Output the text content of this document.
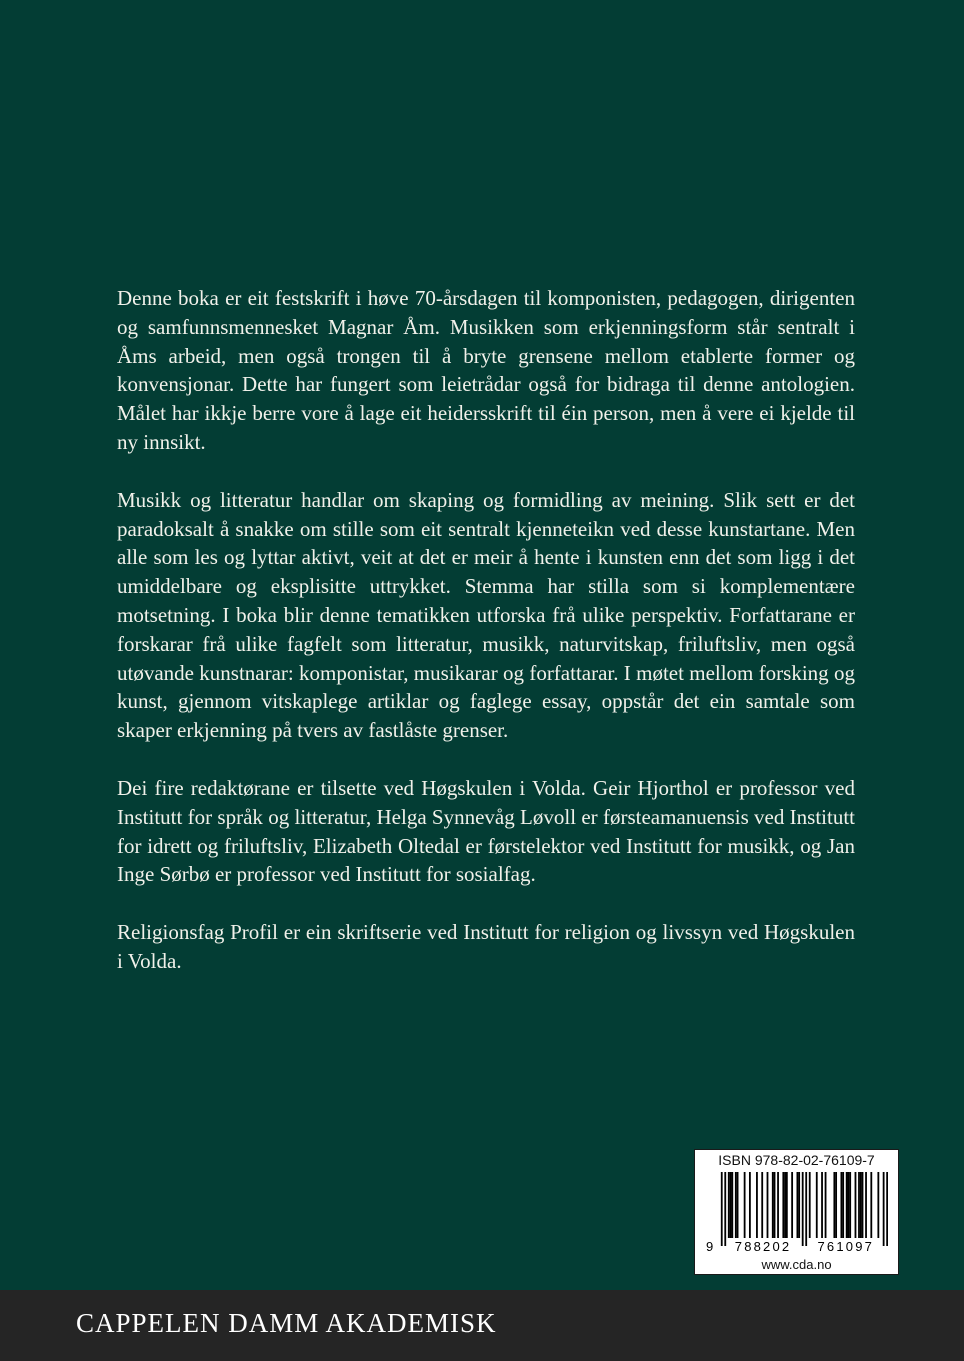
Denne boka er eit festskrift i høve 70-årsdagen til komponisten, pedagogen, dirigenten og samfunnsmennesket Magnar Åm. Musikken som erkjenningsform står sentralt i Åms arbeid, men også trongen til å bryte grensene mellom etablerte former og konvensjonar. Dette har fungert som leietrådar også for bidraga til denne antologien. Målet har ikkje berre vore å lage eit heidersskrift til éin person, men å vere ei kjelde til ny innsikt.

Musikk og litteratur handlar om skaping og formidling av meining. Slik sett er det paradoksalt å snakke om stille som eit sentralt kjenneteikn ved desse kunstartane. Men alle som les og lyttar aktivt, veit at det er meir å hente i kunsten enn det som ligg i det umiddelbare og eksplisitte uttrykket. Stemma har stilla som si komplementære motsetning. I boka blir denne tematikken utforska frå ulike perspektiv. Forfattarane er forskarar frå ulike fagfelt som litteratur, musikk, naturvitskap, friluftsliv, men også utøvande kunstnarar: komponistar, musikarar og forfattarar. I møtet mellom forsking og kunst, gjennom vitskaplege artiklar og faglege essay, oppstår det ein samtale som skaper erkjenning på tvers av fastlåste grenser.

Dei fire redaktørane er tilsette ved Høgskulen i Volda. Geir Hjorthol er professor ved Institutt for språk og litteratur, Helga Synnevåg Løvoll er førsteamanuensis ved Institutt for idrett og friluftsliv, Elizabeth Oltedal er førstelektor ved Institutt for musikk, og Jan Inge Sørbø er professor ved Institutt for sosialfag.

Religionsfag Profil er ein skriftserie ved Institutt for religion og livssyn ved Høgskulen i Volda.

ISBN 978-82-02-76109-7
9 788202 761097
www.cda.no
CAPPELEN DAMM AKADEMISK
